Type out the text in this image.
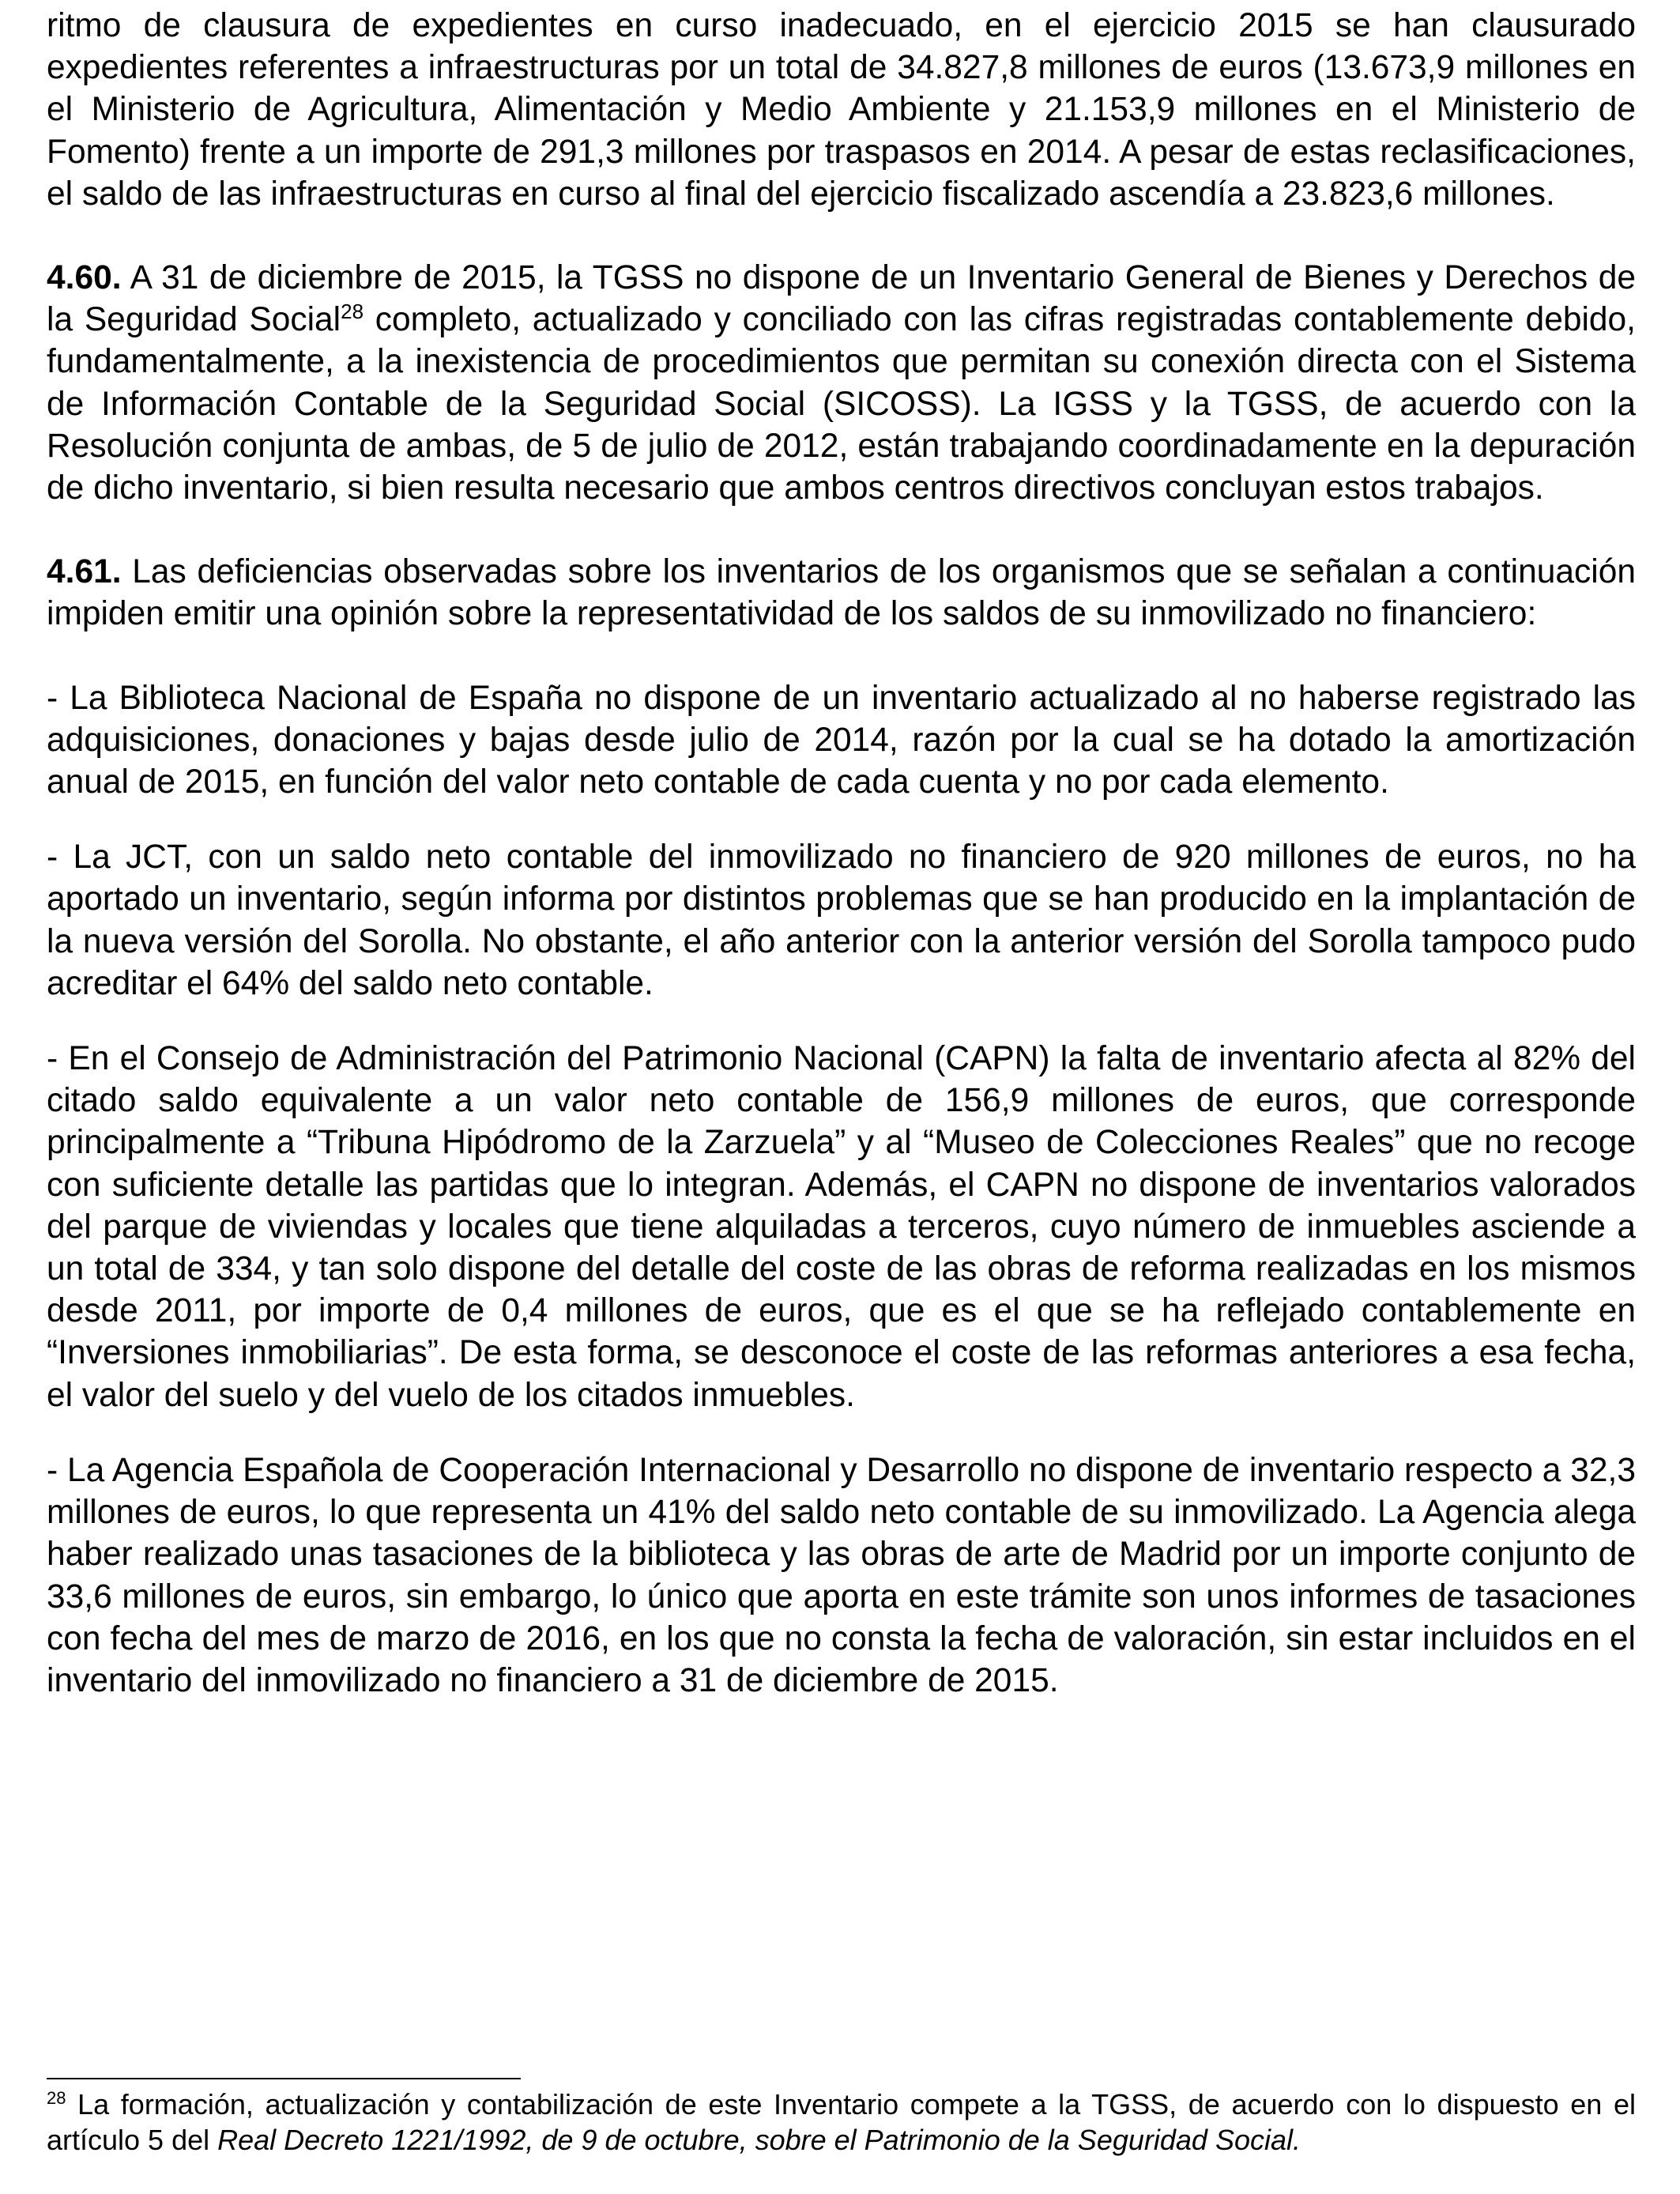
ritmo de clausura de expedientes en curso inadecuado, en el ejercicio 2015 se han clausurado expedientes referentes a infraestructuras por un total de 34.827,8 millones de euros (13.673,9 millones en el Ministerio de Agricultura, Alimentación y Medio Ambiente y 21.153,9 millones en el Ministerio de Fomento) frente a un importe de 291,3 millones por traspasos en 2014. A pesar de estas reclasificaciones, el saldo de las infraestructuras en curso al final del ejercicio fiscalizado ascendía a 23.823,6 millones.

4.60. A 31 de diciembre de 2015, la TGSS no dispone de un Inventario General de Bienes y Derechos de la Seguridad Social$^{28}$ completo, actualizado y conciliado con las cifras registradas contablemente debido, fundamentalmente, a la inexistencia de procedimientos que permitan su conexión directa con el Sistema de Información Contable de la Seguridad Social (SICOSS). La IGSS y la TGSS, de acuerdo con la Resolución conjunta de ambas, de 5 de julio de 2012, están trabajando coordinadamente en la depuración de dicho inventario, si bien resulta necesario que ambos centros directivos concluyan estos trabajos.

4.61. Las deficiencias observadas sobre los inventarios de los organismos que se señalan a continuación impiden emitir una opinión sobre la representatividad de los saldos de su inmovilizado no financiero:

- La Biblioteca Nacional de España no dispone de un inventario actualizado al no haberse registrado las adquisiciones, donaciones y bajas desde julio de 2014, razón por la cual se ha dotado la amortización anual de 2015, en función del valor neto contable de cada cuenta y no por cada elemento.

- La JCT, con un saldo neto contable del inmovilizado no financiero de 920 millones de euros, no ha aportado un inventario, según informa por distintos problemas que se han producido en la implantación de la nueva versión del Sorolla. No obstante, el año anterior con la anterior versión del Sorolla tampoco pudo acreditar el 64% del saldo neto contable.

- En el Consejo de Administración del Patrimonio Nacional (CAPN) la falta de inventario afecta al 82% del citado saldo equivalente a un valor neto contable de 156,9 millones de euros, que corresponde principalmente a “Tribuna Hipódromo de la Zarzuela” y al “Museo de Colecciones Reales” que no recoge con suficiente detalle las partidas que lo integran. Además, el CAPN no dispone de inventarios valorados del parque de viviendas y locales que tiene alquiladas a terceros, cuyo número de inmuebles asciende a un total de 334, y tan solo dispone del detalle del coste de las obras de reforma realizadas en los mismos desde 2011, por importe de 0,4 millones de euros, que es el que se ha reflejado contablemente en “Inversiones inmobiliarias”. De esta forma, se desconoce el coste de las reformas anteriores a esa fecha, el valor del suelo y del vuelo de los citados inmuebles.

- La Agencia Española de Cooperación Internacional y Desarrollo no dispone de inventario respecto a 32,3 millones de euros, lo que representa un 41% del saldo neto contable de su inmovilizado. La Agencia alega haber realizado unas tasaciones de la biblioteca y las obras de arte de Madrid por un importe conjunto de 33,6 millones de euros, sin embargo, lo único que aporta en este trámite son unos informes de tasaciones con fecha del mes de marzo de 2016, en los que no consta la fecha de valoración, sin estar incluidos en el inventario del inmovilizado no financiero a 31 de diciembre de 2015.

$^{28}$ La formación, actualización y contabilización de este Inventario compete a la TGSS, de acuerdo con lo dispuesto en el artículo 5 del Real Decreto 1221/1992, de 9 de octubre, sobre el Patrimonio de la Seguridad Social.
